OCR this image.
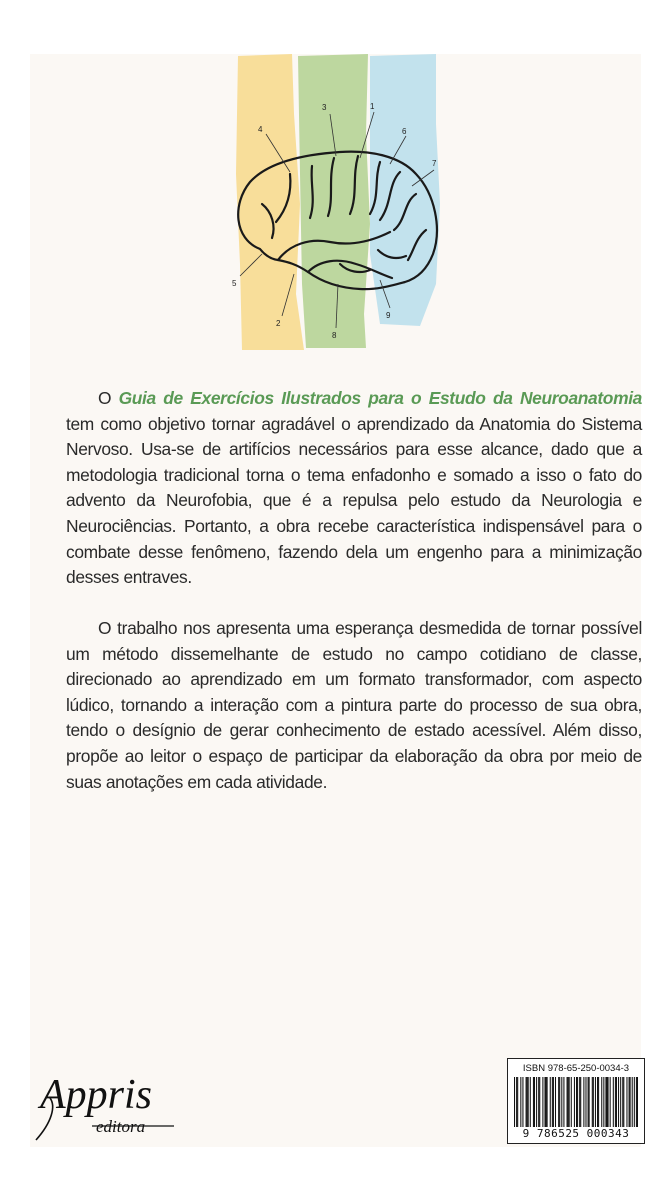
1
2
3
4
5
6
7
8
9

O Guia de Exercícios Ilustrados para o Estudo da Neuroanatomia tem como objetivo tornar agradável o aprendizado da Anatomia do Sistema Nervoso. Usa-se de artifícios necessários para esse alcance, dado que a metodologia tradicional torna o tema enfadonho e somado a isso o fato do advento da Neurofobia, que é a repulsa pelo estudo da Neurologia e Neurociências. Portanto, a obra recebe característica indispensável para o combate desse fenômeno, fazendo dela um engenho para a minimização desses entraves.

O trabalho nos apresenta uma esperança desmedida de tornar possível um método dissemelhante de estudo no campo cotidiano de classe, direcionado ao aprendizado em um formato transformador, com aspecto lúdico, tornando a interação com a pintura parte do processo de sua obra, tendo o desígnio de gerar conhecimento de estado acessível. Além disso, propõe ao leitor o espaço de participar da elaboração da obra por meio de suas anotações em cada atividade.

Appris
editora
ISBN 978-65-250-0034-3
9 786525 000343
